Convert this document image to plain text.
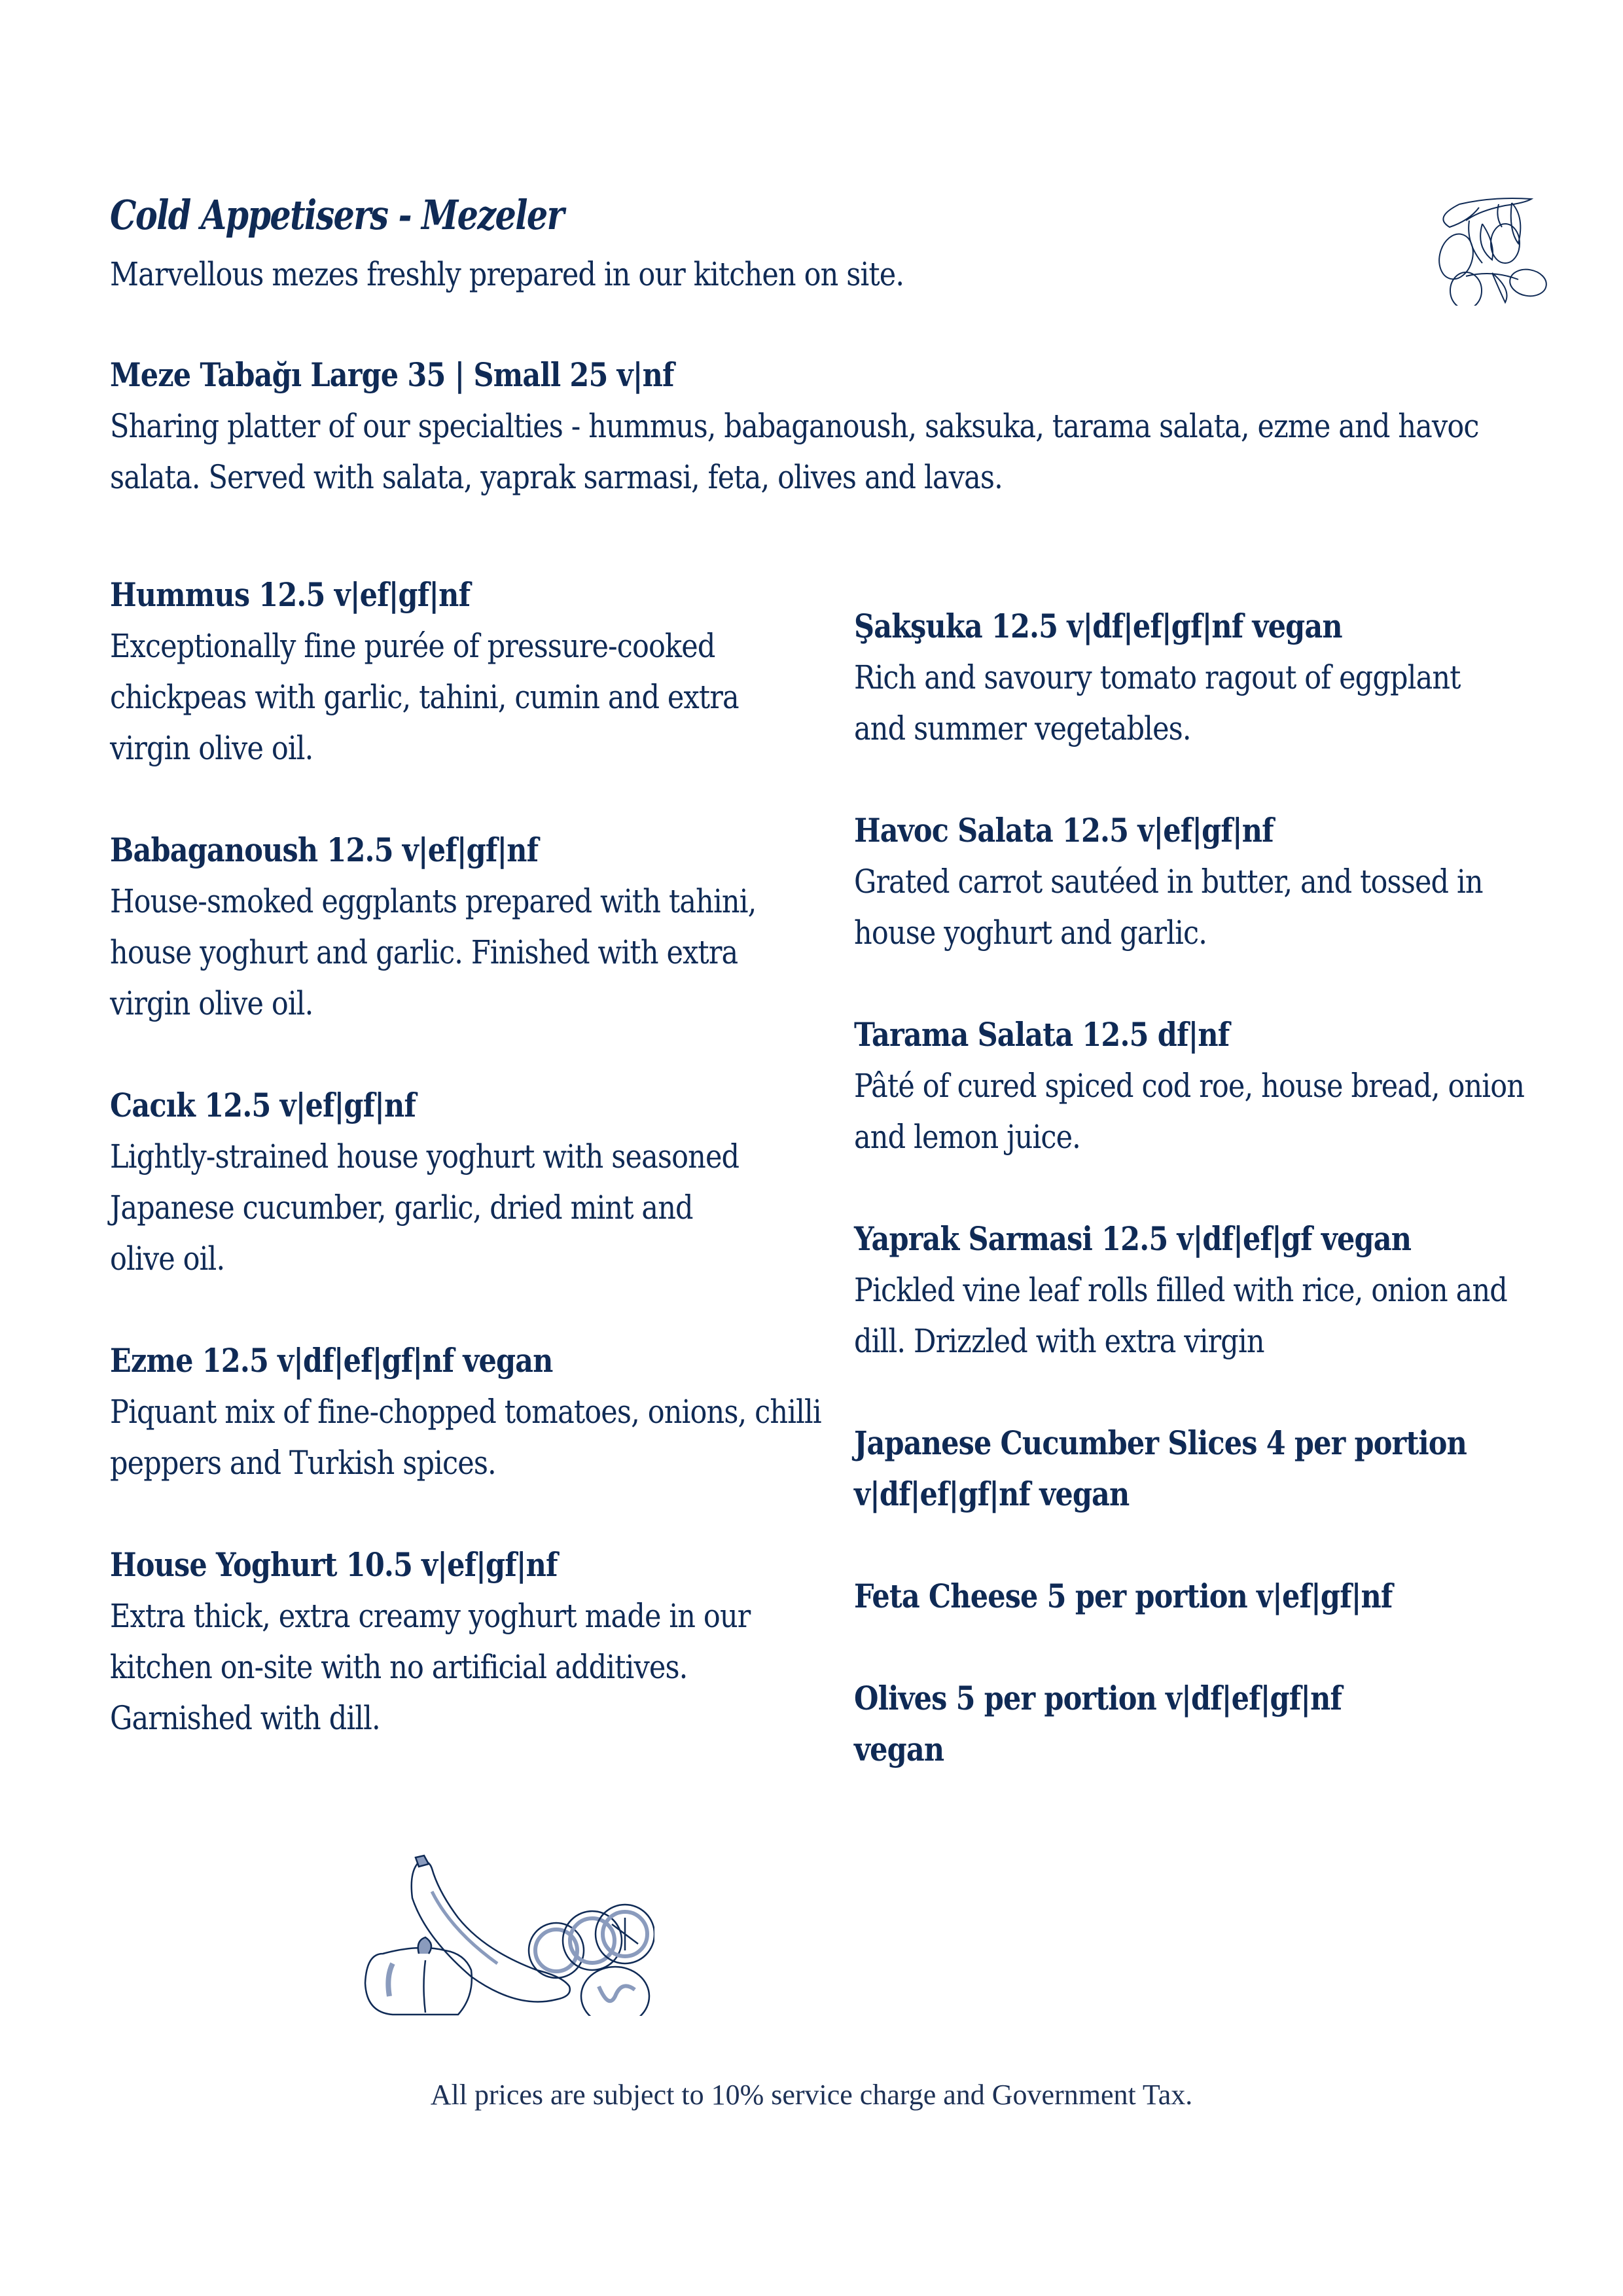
Cold Appetisers - Mezeler
Marvellous mezes freshly prepared in our kitchen on site.
Meze Tabağı Large 35 | Small 25 v|nf
Sharing platter of our specialties - hummus, babaganoush, saksuka, tarama salata, ezme and havoc salata. Served with salata, yaprak sarmasi, feta, olives and lavas.
Hummus 12.5 v|ef|gf|nf
Exceptionally fine purée of pressure-cooked chickpeas with garlic, tahini, cumin and extra virgin olive oil.
Babaganoush 12.5 v|ef|gf|nf
House-smoked eggplants prepared with tahini, house yoghurt and garlic. Finished with extra virgin olive oil.
Cacık 12.5 v|ef|gf|nf
Lightly-strained house yoghurt with seasoned Japanese cucumber, garlic, dried mint and olive oil.
Ezme 12.5 v|df|ef|gf|nf vegan
Piquant mix of fine-chopped tomatoes, onions, chilli peppers and Turkish spices.
House Yoghurt 10.5 v|ef|gf|nf
Extra thick, extra creamy yoghurt made in our kitchen on-site with no artificial additives. Garnished with dill.
Şakşuka 12.5 v|df|ef|gf|nf vegan
Rich and savoury tomato ragout of eggplant and summer vegetables.
Havoc Salata 12.5 v|ef|gf|nf
Grated carrot sautéed in butter, and tossed in house yoghurt and garlic.
Tarama Salata 12.5 df|nf
Pâté of cured spiced cod roe, house bread, onion and lemon juice.
Yaprak Sarmasi 12.5 v|df|ef|gf vegan
Pickled vine leaf rolls filled with rice, onion and dill. Drizzled with extra virgin
Japanese Cucumber Slices 4 per portion v|df|ef|gf|nf vegan
Feta Cheese 5 per portion v|ef|gf|nf
Olives 5 per portion v|df|ef|gf|nf vegan
All prices are subject to 10% service charge and Government Tax.
